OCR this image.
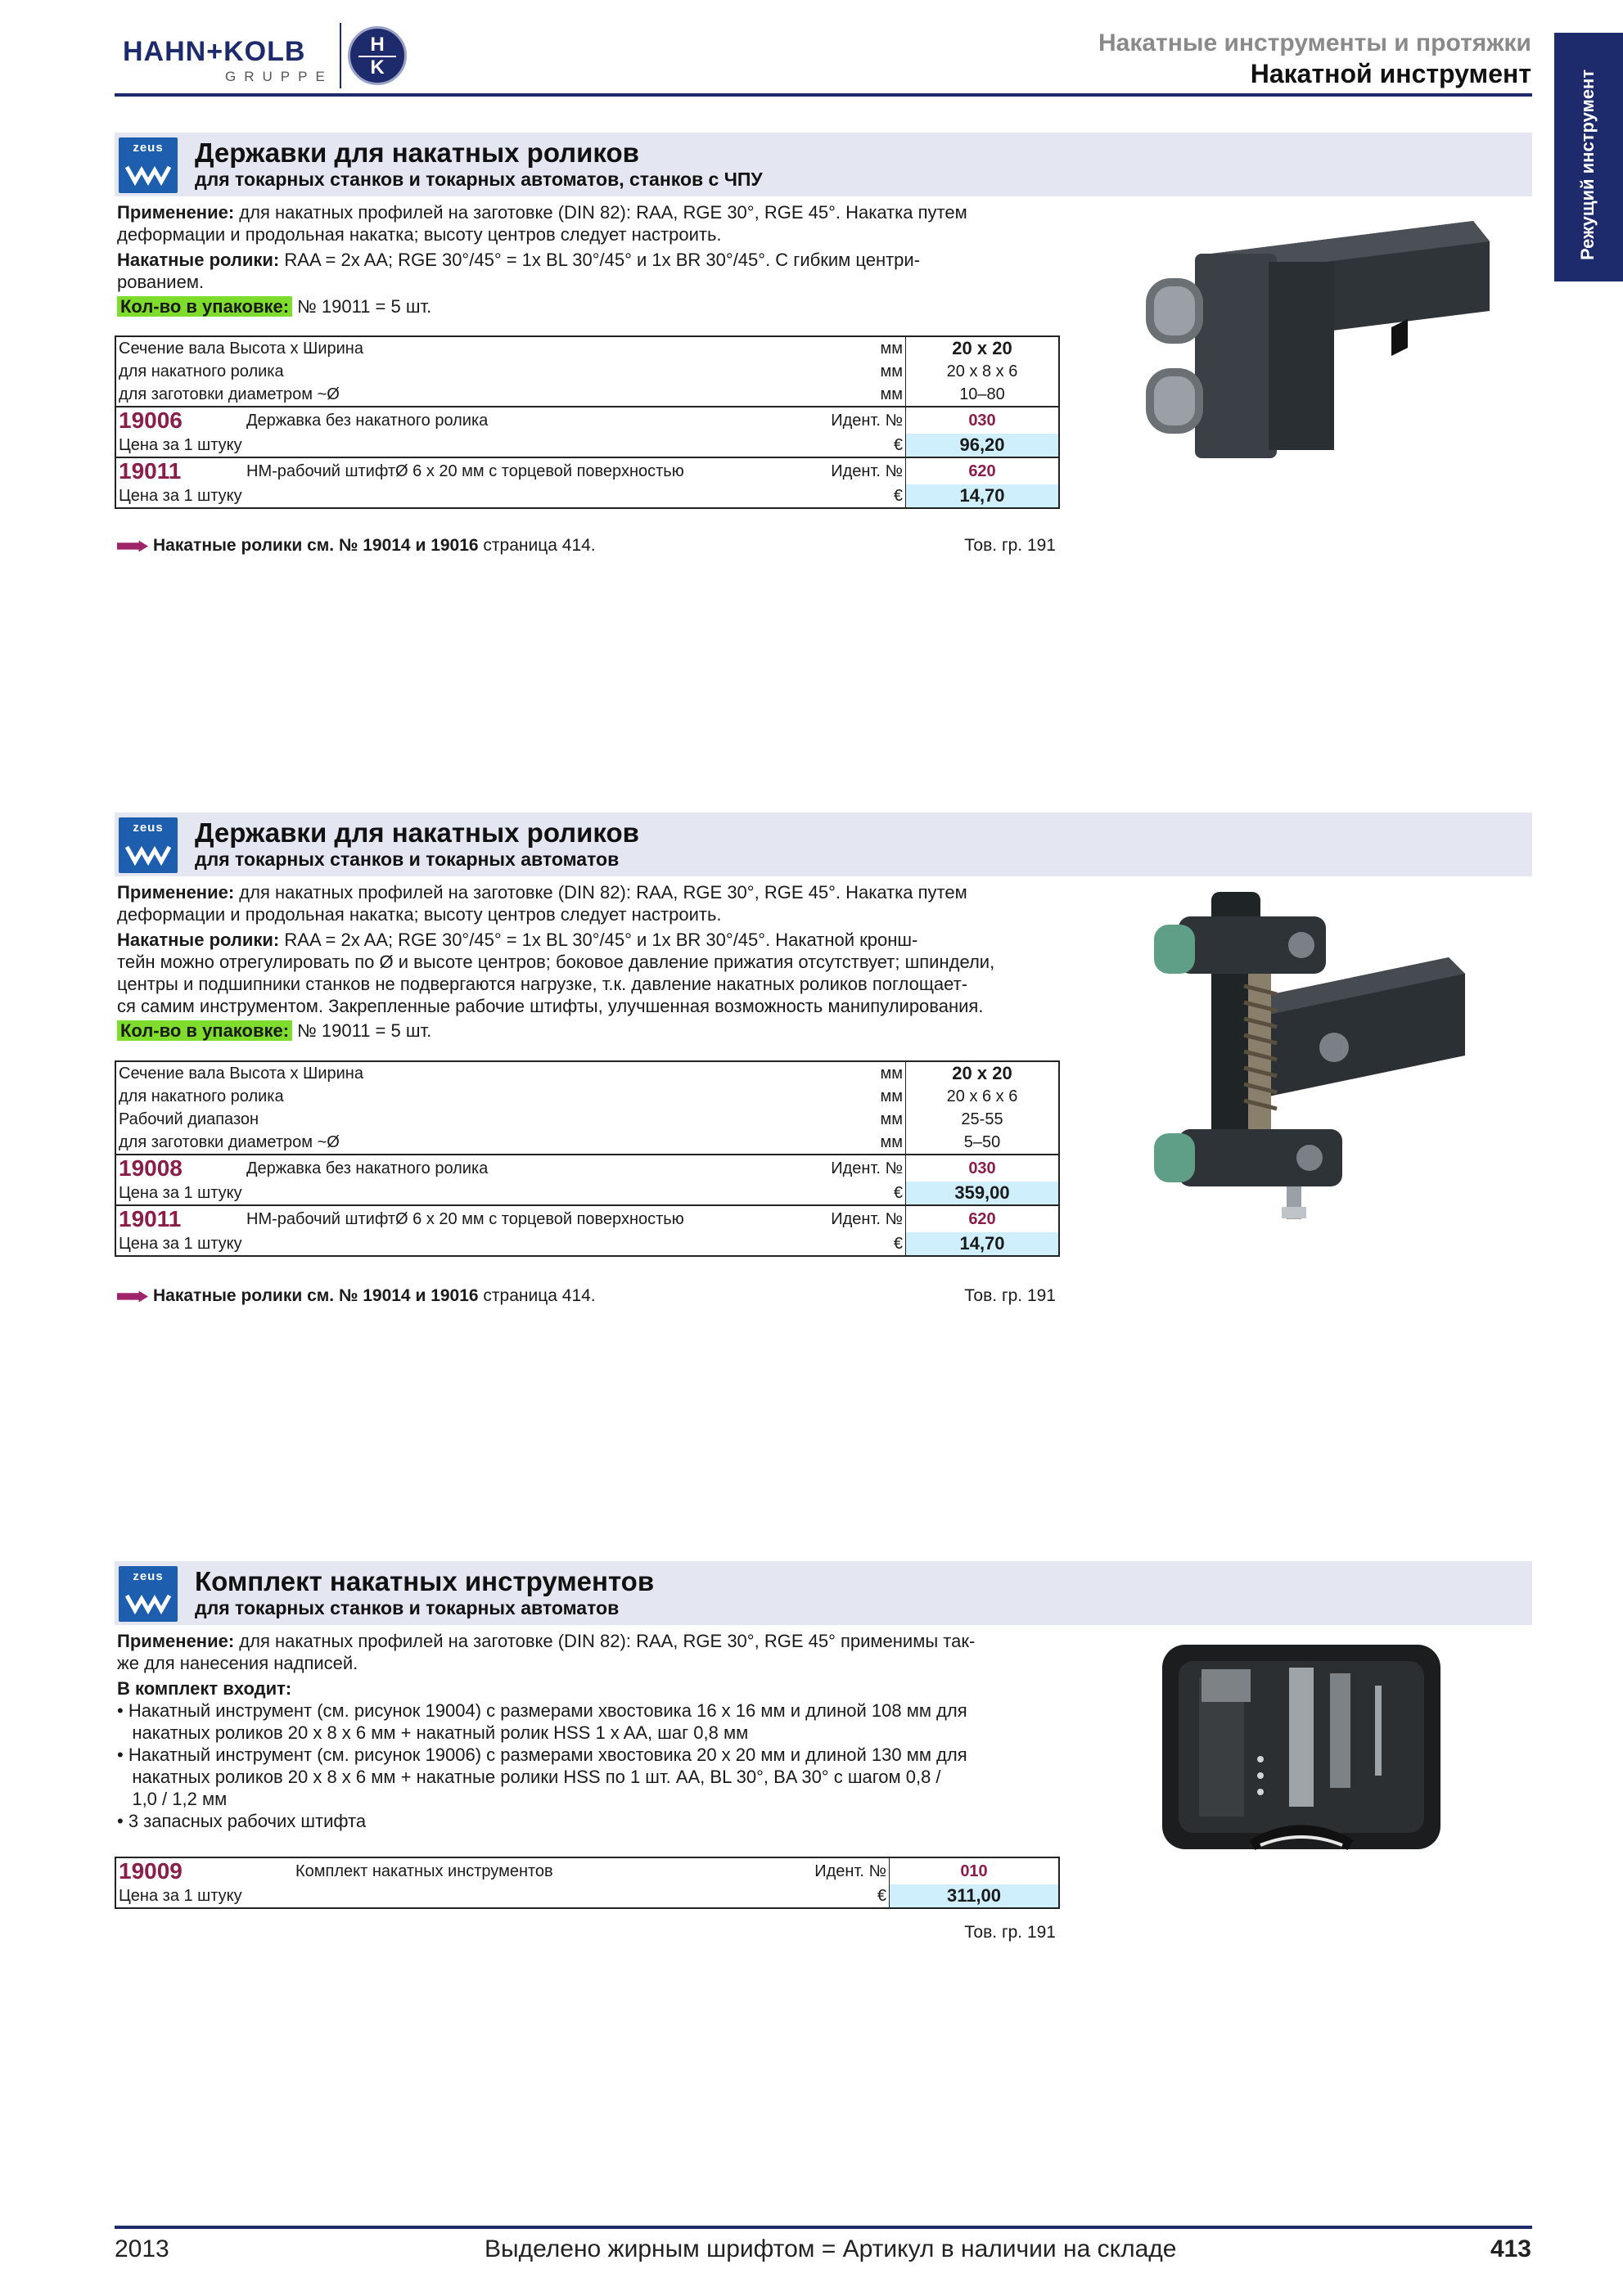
HAHN+KOLB
GRUPPE
H
K
Накатные инструменты и протяжки
Накатной инструмент	Режущий инструмент
zeus	Державки для накатных роликов
для токарных станков и токарных автоматов, станков с ЧПУ
Применение: для накатных профилей на заготовке (DIN 82): RAA, RGE 30°, RGE 45°. Накатка путем
деформации и продольная накатка; высоту центров следует настроить.
Накатные ролики: RAA = 2x AA; RGE 30°/45° = 1x BL 30°/45° и 1x BR 30°/45°. С гибким центри-
рованием.
Кол-во в упаковке: № 19011 = 5 шт.
Сечение вала Высота x Ширина			мм	20 x 20
для накатного ролика			мм	20 x 8 x 6
для заготовки диаметром ~Ø			мм	10–80
19006	Державка без накатного ролика	Идент. №		030
Цена за 1 штуку			€	96,20
19011	HM-рабочий штифтØ 6 x 20 мм с торцевой поверхностью	Идент. №		620
Цена за 1 штуку			€	14,70
Накатные ролики см. № 19014 и 19016 страница 414.	Тов. гр. 191
zeus	Державки для накатных роликов
для токарных станков и токарных автоматов
Применение: для накатных профилей на заготовке (DIN 82): RAA, RGE 30°, RGE 45°. Накатка путем
деформации и продольная накатка; высоту центров следует настроить.
Накатные ролики: RAA = 2x AA; RGE 30°/45° = 1x BL 30°/45° и 1x BR 30°/45°. Накатной кронш-
тейн можно отрегулировать по Ø и высоте центров; боковое давление прижатия отсутствует; шпиндели,
центры и подшипники станков не подвергаются нагрузке, т.к. давление накатных роликов поглощает-
ся самим инструментом. Закрепленные рабочие штифты, улучшенная возможность манипулирования.
Кол-во в упаковке: № 19011 = 5 шт.
Сечение вала Высота x Ширина			мм	20 x 20
для накатного ролика			мм	20 x 6 x 6
Рабочий диапазон			мм	25-55
для заготовки диаметром ~Ø			мм	5–50
19008	Державка без накатного ролика	Идент. №		030
Цена за 1 штуку			€	359,00
19011	HM-рабочий штифтØ 6 x 20 мм с торцевой поверхностью	Идент. №		620
Цена за 1 штуку			€	14,70
Накатные ролики см. № 19014 и 19016 страница 414.	Тов. гр. 191
zeus	Комплект накатных инструментов
для токарных станков и токарных автоматов
Применение: для накатных профилей на заготовке (DIN 82): RAA, RGE 30°, RGE 45° применимы так-
же для нанесения надписей.
В комплект входит:
• Накатный инструмент (см. рисунок 19004) с размерами хвостовика 16 x 16 мм и длиной 108 мм для
накатных роликов 20 x 8 x 6 мм + накатный ролик HSS 1 x AA, шаг 0,8 мм
• Накатный инструмент (см. рисунок 19006) с размерами хвостовика 20 x 20 мм и длиной 130 мм для
накатных роликов 20 x 8 x 6 мм + накатные ролики HSS по 1 шт. AA, BL 30°, BA 30° с шагом 0,8 /
1,0 / 1,2 мм
• 3 запасных рабочих штифта
19009	Комплект накатных инструментов	Идент. №		010
Цена за 1 штуку			€	311,00
Тов. гр. 191
2013	Выделено жирным шрифтом = Артикул в наличии на складе	413
